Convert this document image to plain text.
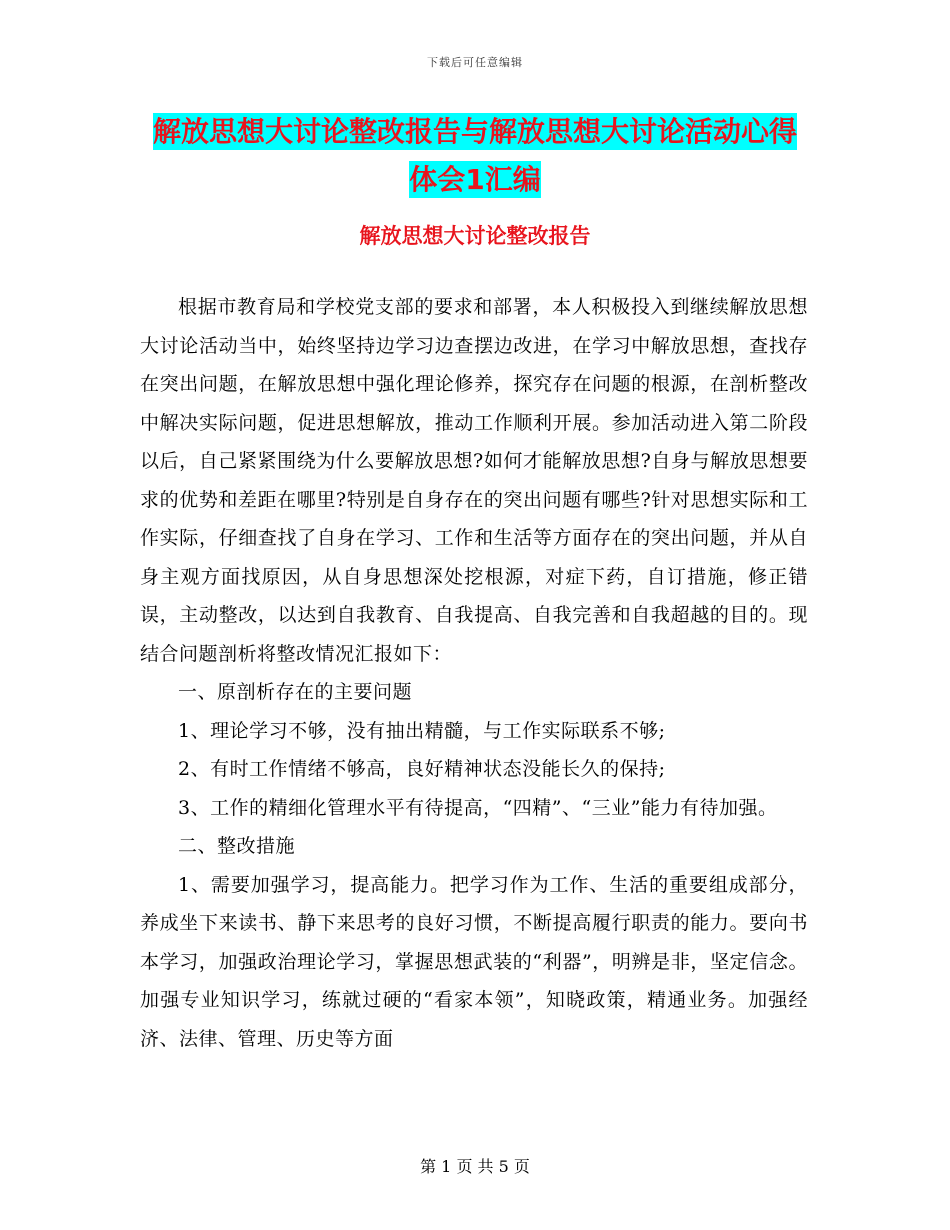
下载后可任意编辑
解放思想大讨论整改报告与解放思想大讨论活动心得
体会1汇编
解放思想大讨论整改报告

根据市教育局和学校党支部的要求和部署，本人积极投入到继续解放思想大讨论活动当中，始终坚持边学习边查摆边改进，在学习中解放思想，查找存在突出问题，在解放思想中强化理论修养，探究存在问题的根源，在剖析整改中解决实际问题，促进思想解放，推动工作顺利开展。参加活动进入第二阶段以后，自己紧紧围绕为什么要解放思想?如何才能解放思想?自身与解放思想要求的优势和差距在哪里?特别是自身存在的突出问题有哪些?针对思想实际和工作实际，仔细查找了自身在学习、工作和生活等方面存在的突出问题，并从自身主观方面找原因，从自身思想深处挖根源，对症下药，自订措施，修正错误，主动整改，以达到自我教育、自我提高、自我完善和自我超越的目的。现结合问题剖析将整改情况汇报如下：

一、原剖析存在的主要问题

1、理论学习不够，没有抽出精髓，与工作实际联系不够;

2、有时工作情绪不够高，良好精神状态没能长久的保持;

3、工作的精细化管理水平有待提高，“四精”、“三业”能力有待加强。

二、整改措施

1、需要加强学习，提高能力。把学习作为工作、生活的重要组成部分，养成坐下来读书、静下来思考的良好习惯，不断提高履行职责的能力。要向书本学习，加强政治理论学习，掌握思想武装的“利器”，明辨是非，坚定信念。加强专业知识学习，练就过硬的“看家本领”，知晓政策，精通业务。加强经济、法律、管理、历史等方面

第 1 页 共 5 页
